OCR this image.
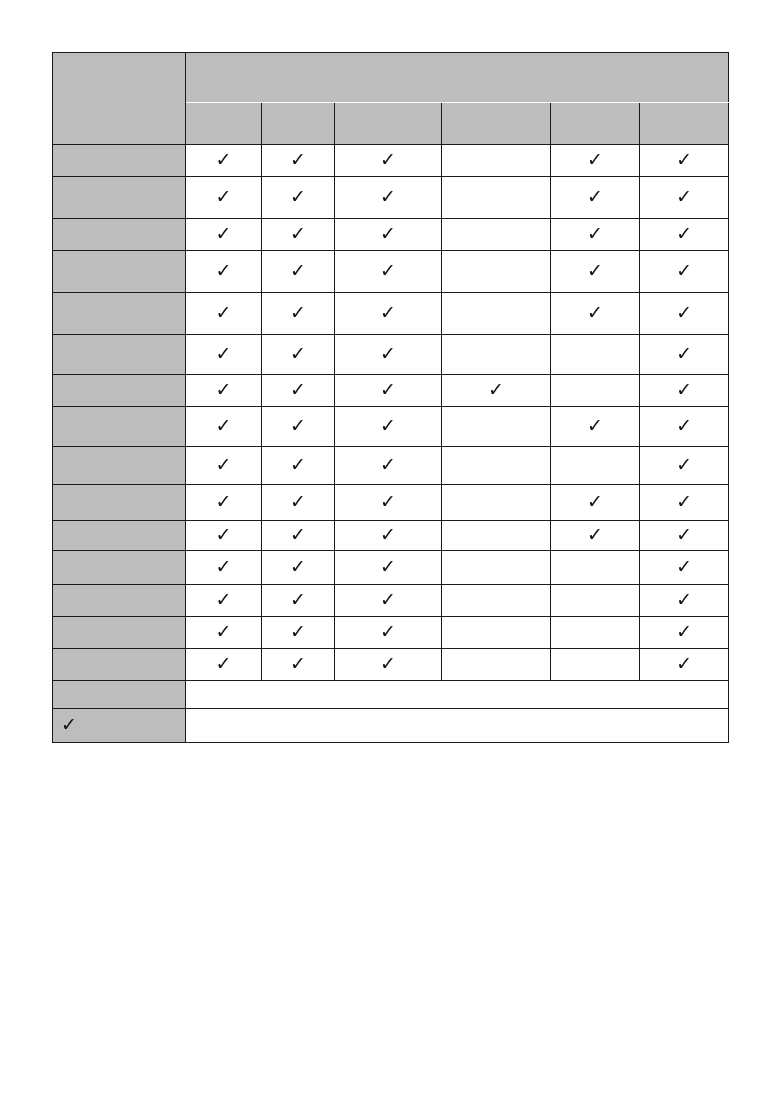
	✓	✓	✓		✓	✓
	✓	✓	✓		✓	✓
	✓	✓	✓		✓	✓
	✓	✓	✓		✓	✓
	✓	✓	✓		✓	✓
	✓	✓	✓			✓
	✓	✓	✓	✓		✓
	✓	✓	✓		✓	✓
	✓	✓	✓			✓
	✓	✓	✓		✓	✓
	✓	✓	✓		✓	✓
	✓	✓	✓			✓
	✓	✓	✓			✓
	✓	✓	✓			✓
	✓	✓	✓			✓

✓						
